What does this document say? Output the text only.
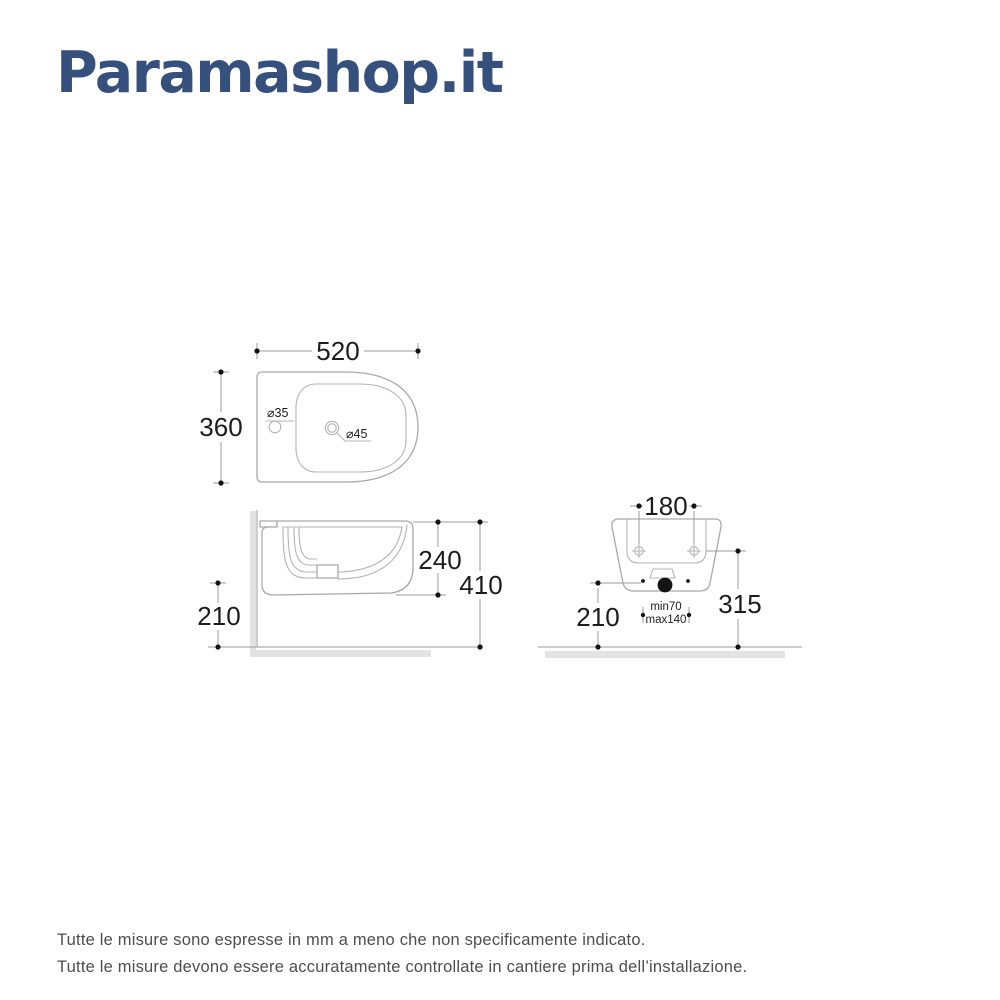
Paramashop.it
520
360 ⌀35
⌀45
240
410
210
180
min70
max140
210	315
Tutte le misure sono espresse in mm a meno che non specificamente indicato.
Tutte le misure devono essere accuratamente controllate in cantiere prima dell’installazione.
